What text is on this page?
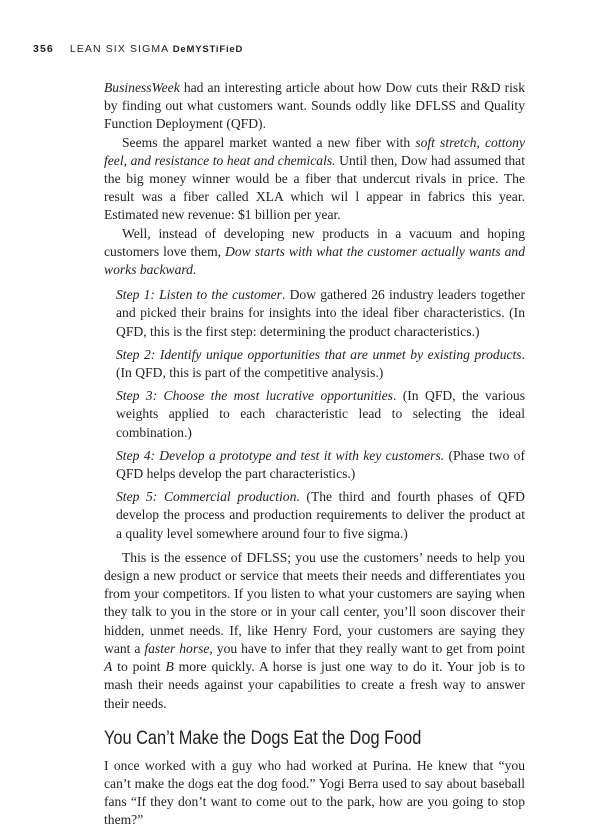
356 LEAN SIX SIGMA DeMYSTiFieD

BusinessWeek had an interesting article about how Dow cuts their R&D risk by finding out what customers want. Sounds oddly like DFLSS and Quality Function Deployment (QFD).

Seems the apparel market wanted a new fiber with soft stretch, cottony feel, and resistance to heat and chemicals. Until then, Dow had assumed that the big money winner would be a fiber that undercut rivals in price. The result was a fiber called XLA which wil l appear in fabrics this year. Estimated new revenue: $1 billion per year.

Well, instead of developing new products in a vacuum and hoping customers love them, Dow starts with what the customer actually wants and works backward.

Step 1: Listen to the customer. Dow gathered 26 industry leaders together and picked their brains for insights into the ideal fiber characteristics. (In QFD, this is the first step: determining the product characteristics.)
Step 2: Identify unique opportunities that are unmet by existing products. (In QFD, this is part of the competitive analysis.)
Step 3: Choose the most lucrative opportunities. (In QFD, the various weights applied to each characteristic lead to selecting the ideal combination.)
Step 4: Develop a prototype and test it with key customers. (Phase two of QFD helps develop the part characteristics.)
Step 5: Commercial production. (The third and fourth phases of QFD develop the process and production requirements to deliver the product at a quality level somewhere around four to five sigma.)

This is the essence of DFLSS; you use the customers’ needs to help you design a new product or service that meets their needs and differentiates you from your competitors. If you listen to what your customers are saying when they talk to you in the store or in your call center, you’ll soon discover their hidden, unmet needs. If, like Henry Ford, your customers are saying they want a faster horse, you have to infer that they really want to get from point A to point B more quickly. A horse is just one way to do it. Your job is to mash their needs against your capabilities to create a fresh way to answer their needs.

You Can’t Make the Dogs Eat the Dog Food

I once worked with a guy who had worked at Purina. He knew that “you can’t make the dogs eat the dog food.” Yogi Berra used to say about baseball fans “If they don’t want to come out to the park, how are you going to stop them?”
